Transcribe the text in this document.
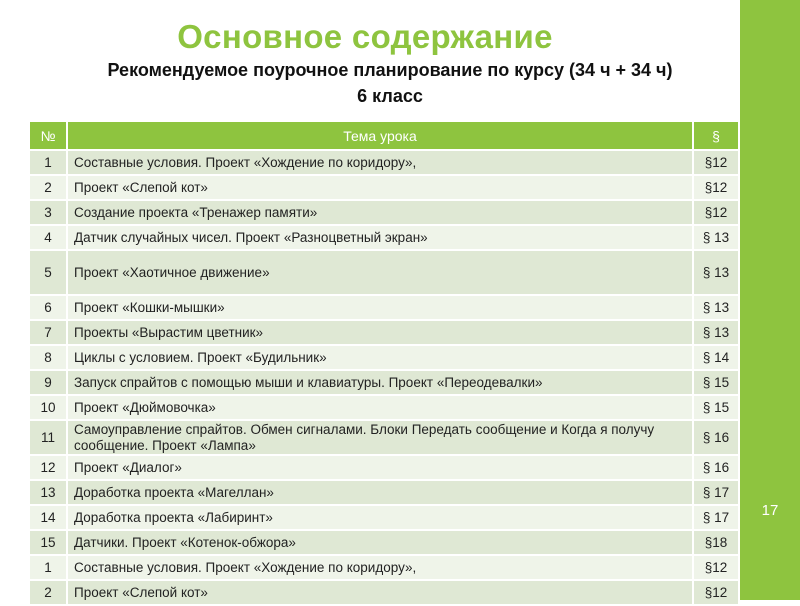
17
Основное содержание
Рекомендуемое поурочное планирование по курсу (34 ч + 34 ч)
6 класс
№	Тема урока	§
1	Составные условия. Проект «Хождение по коридору»,	§12
2	Проект «Слепой кот»	§12
3	Создание проекта «Тренажер памяти»	§12
4	Датчик случайных чисел. Проект «Разноцветный экран»	§ 13
5	Проект «Хаотичное движение»	§ 13
6	Проект «Кошки-мышки»	§ 13
7	Проекты «Вырастим цветник»	§ 13
8	Циклы с условием. Проект «Будильник»	§ 14
9	Запуск спрайтов с помощью мыши и клавиатуры. Проект «Переодевалки»	§ 15
10	Проект «Дюймовочка»	§ 15
11	Самоуправление спрайтов. Обмен сигналами. Блоки Передать сообщение и Когда я получу сообщение. Проект «Лампа»	§ 16
12	Проект «Диалог»	§ 16
13	Доработка проекта «Магеллан»	§ 17
14	Доработка проекта «Лабиринт»	§ 17
15	Датчики. Проект «Котенок-обжора»	§18
1	Составные условия. Проект «Хождение по коридору»,	§12
2	Проект «Слепой кот»	§12
